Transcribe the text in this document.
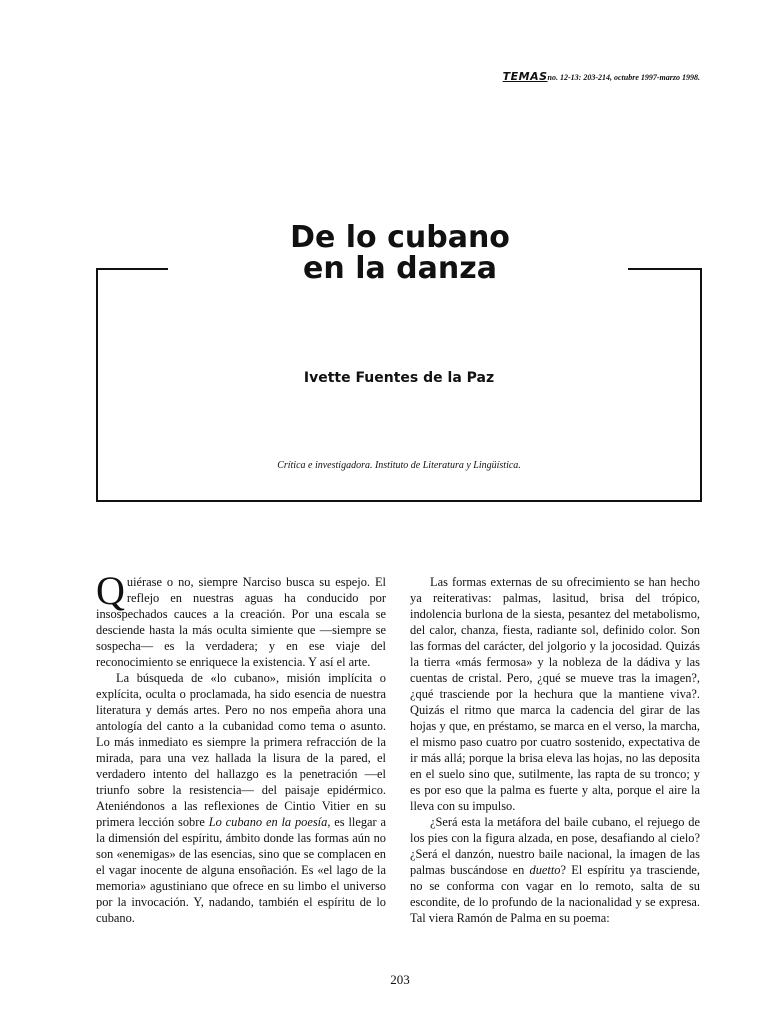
TEMASno. 12-13: 203-214, octubre 1997-marzo 1998.
De lo cubano
en la danza
Ivette Fuentes de la Paz
Crítica e investigadora. Instituto de Literatura y Lingüística.

Quiérase o no, siempre Narciso busca su espejo. El reflejo en nuestras aguas ha conducido por insospechados cauces a la creación. Por una escala se desciende hasta la más oculta simiente que —siempre se sospecha— es la verdadera; y en ese viaje del reconocimiento se enriquece la existencia. Y así el arte.

La búsqueda de «lo cubano», misión implícita o explícita, oculta o proclamada, ha sido esencia de nuestra literatura y demás artes. Pero no nos empeña ahora una antología del canto a la cubanidad como tema o asunto. Lo más inmediato es siempre la primera refracción de la mirada, para una vez hallada la lisura de la pared, el verdadero intento del hallazgo es la penetración —el triunfo sobre la resistencia— del paisaje epidérmico. Ateniéndonos a las reflexiones de Cintio Vitier en su primera lección sobre Lo cubano en la poesía, es llegar a la dimensión del espíritu, ámbito donde las formas aún no son «enemigas» de las esencias, sino que se complacen en el vagar inocente de alguna ensoñación. Es «el lago de la memoria» agustiniano que ofrece en su limbo el universo por la invocación. Y, nadando, también el espíritu de lo cubano.

Las formas externas de su ofrecimiento se han hecho ya reiterativas: palmas, lasitud, brisa del trópico, indolencia burlona de la siesta, pesantez del metabolismo, del calor, chanza, fiesta, radiante sol, definido color. Son las formas del carácter, del jolgorio y la jocosidad. Quizás la tierra «más fermosa» y la nobleza de la dádiva y las cuentas de cristal. Pero, ¿qué se mueve tras la imagen?, ¿qué trasciende por la hechura que la mantiene viva?. Quizás el ritmo que marca la cadencia del girar de las hojas y que, en préstamo, se marca en el verso, la marcha, el mismo paso cuatro por cuatro sostenido, expectativa de ir más allá; porque la brisa eleva las hojas, no las deposita en el suelo sino que, sutilmente, las rapta de su tronco; y es por eso que la palma es fuerte y alta, porque el aire la lleva con su impulso.

¿Será esta la metáfora del baile cubano, el rejuego de los pies con la figura alzada, en pose, desafiando al cielo? ¿Será el danzón, nuestro baile nacional, la imagen de las palmas buscándose en duetto? El espíritu ya trasciende, no se conforma con vagar en lo remoto, salta de su escondite, de lo profundo de la nacionalidad y se expresa. Tal viera Ramón de Palma en su poema:

203
